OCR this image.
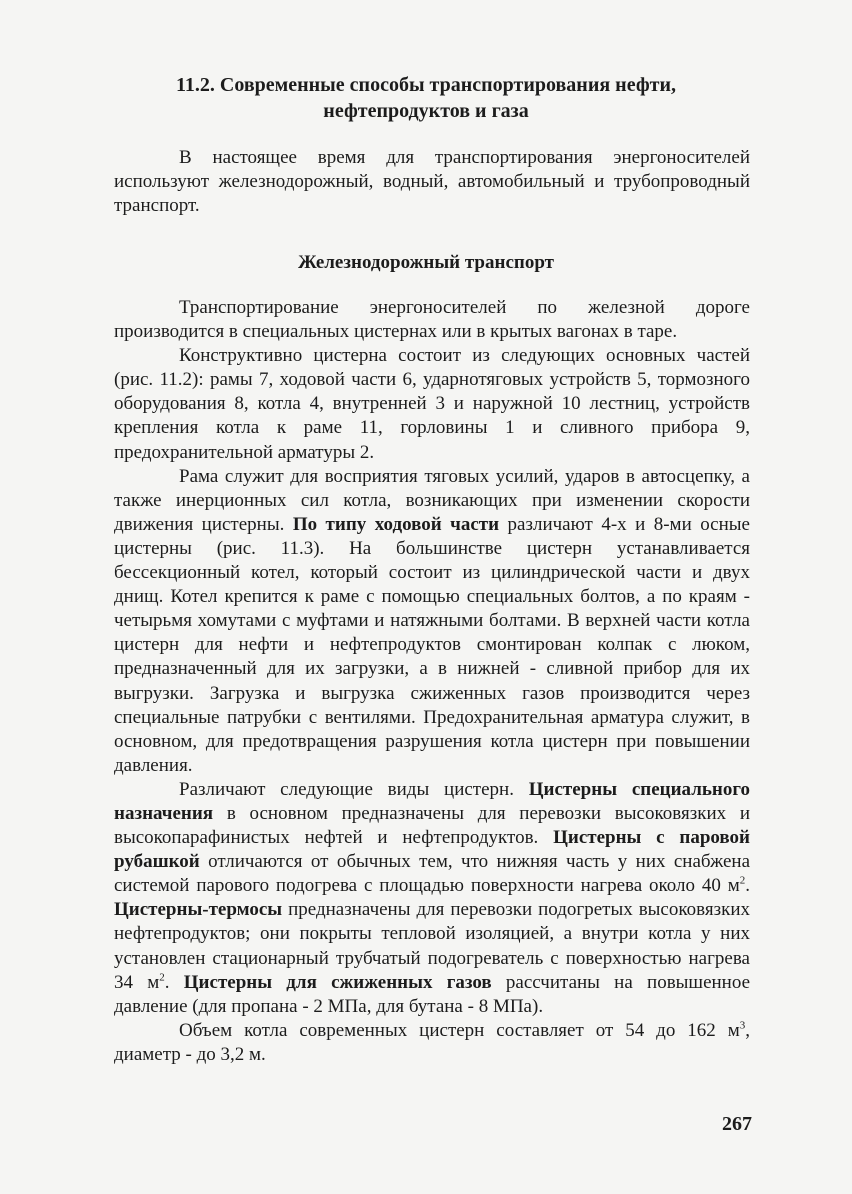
11.2. Современные способы транспортирования нефти,
нефтепродуктов и газа

В настоящее время для транспортирования энергоносителей используют железнодорожный, водный, автомобильный и трубопроводный транспорт.

Железнодорожный транспорт

Транспортирование энергоносителей по железной дороге производится в специальных цистернах или в крытых вагонах в таре.

Конструктивно цистерна состоит из следующих основных частей (рис. 11.2): рамы 7, ходовой части 6, ударнотяговых устройств 5, тормозного оборудования 8, котла 4, внутренней 3 и наружной 10 лестниц, устройств крепления котла к раме 11, горловины 1 и сливного прибора 9, предохранительной арматуры 2.

Рама служит для восприятия тяговых усилий, ударов в автосцепку, а также инерционных сил котла, возникающих при изменении скорости движения цистерны. По типу ходовой части различают 4-х и 8-ми осные цистерны (рис. 11.3). На большинстве цистерн устанавливается бессекционный котел, который состоит из цилиндрической части и двух днищ. Котел крепится к раме с помощью специальных болтов, а по краям - четырьмя хомутами с муфтами и натяжными болтами. В верхней части котла цистерн для нефти и нефтепродуктов смонтирован колпак с люком, предназначенный для их загрузки, а в нижней - сливной прибор для их выгрузки. Загрузка и выгрузка сжиженных газов производится через специальные патрубки с вентилями. Предохранительная арматура служит, в основном, для предотвращения разрушения котла цистерн при повышении давления.

Различают следующие виды цистерн. Цистерны специального назначения в основном предназначены для перевозки высоковязких и высокопарафинистых нефтей и нефтепродуктов. Цистерны с паровой рубашкой отличаются от обычных тем, что нижняя часть у них снабжена системой парового подогрева с площадью поверхности нагрева около 40 $м^2$. Цистерны-термосы предназначены для перевозки подогретых высоковязких нефтепродуктов; они покрыты тепловой изоляцией, а внутри котла у них установлен стационарный трубчатый подогреватель с поверхностью нагрева 34 $м^2$. Цистерны для сжиженных газов рассчитаны на повышенное давление (для пропана - 2 МПа, для бутана - 8 МПа).

Объем котла современных цистерн составляет от 54 до 162 $м^3$, диаметр - до 3,2 м.

267
